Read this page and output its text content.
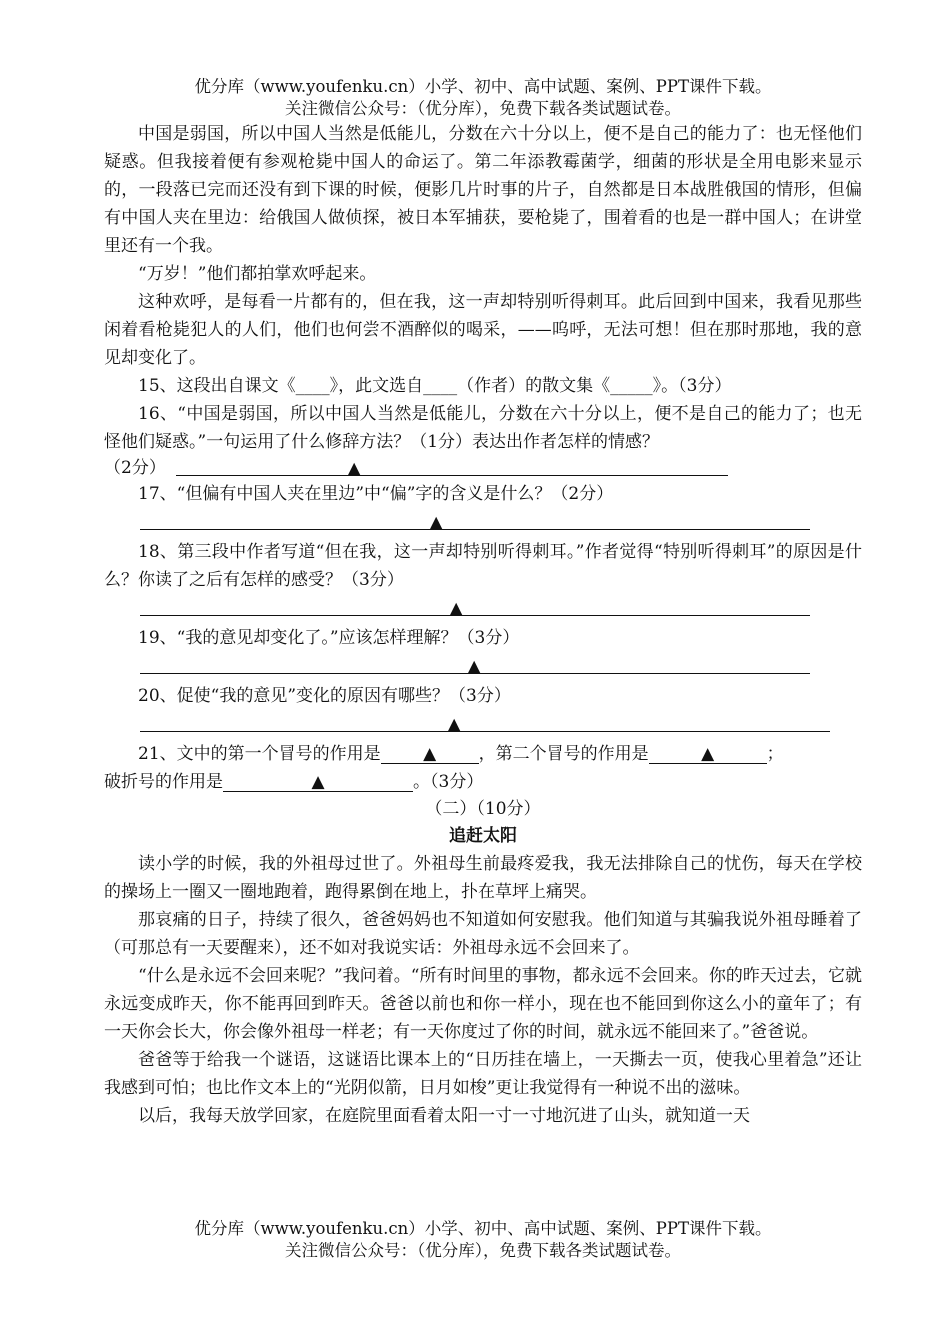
优分库（www.youfenku.cn）小学、初中、高中试题、案例、PPT课件下载。
关注微信公众号：（优分库），免费下载各类试题试卷。

中国是弱国，所以中国人当然是低能儿，分数在六十分以上，便不是自己的能力了：也无怪他们疑惑。但我接着便有参观枪毙中国人的命运了。第二年添教霉菌学，细菌的形状是全用电影来显示的，一段落已完而还没有到下课的时候，便影几片时事的片子，自然都是日本战胜俄国的情形，但偏有中国人夹在里边：给俄国人做侦探，被日本军捕获，要枪毙了，围着看的也是一群中国人；在讲堂里还有一个我。

“万岁！”他们都拍掌欢呼起来。

这种欢呼，是每看一片都有的，但在我，这一声却特别听得刺耳。此后回到中国来，我看见那些闲着看枪毙犯人的人们，他们也何尝不酒醉似的喝采，——呜呼，无法可想！但在那时那地，我的意见却变化了。

15、这段出自课文《____》，此文选自____（作者）的散文集《_____》。（3分）

16、“中国是弱国，所以中国人当然是低能儿，分数在六十分以上，便不是自己的能力了；也无怪他们疑惑。”一句运用了什么修辞方法？（1分）表达出作者怎样的情感？

（2分）	▲

17、“但偏有中国人夹在里边”中“偏”字的含义是什么？（2分）

▲

18、第三段中作者写道“但在我，这一声却特别听得刺耳。”作者觉得“特别听得刺耳”的原因是什么？你读了之后有怎样的感受？（3分）

▲

19、“我的意见却变化了。”应该怎样理解？（3分）

▲

20、促使“我的意见”变化的原因有哪些？（3分）

▲

21、文中的第一个冒号的作用是 ▲ ，第二个冒号的作用是	▲	；

破折号的作用是	▲	。（3分）

（二）（10分）
追赶太阳

读小学的时候，我的外祖母过世了。外祖母生前最疼爱我，我无法排除自己的忧伤，每天在学校的操场上一圈又一圈地跑着，跑得累倒在地上，扑在草坪上痛哭。

那哀痛的日子，持续了很久，爸爸妈妈也不知道如何安慰我。他们知道与其骗我说外祖母睡着了（可那总有一天要醒来），还不如对我说实话：外祖母永远不会回来了。

“什么是永远不会回来呢？”我问着。“所有时间里的事物，都永远不会回来。你的昨天过去，它就永远变成昨天，你不能再回到昨天。爸爸以前也和你一样小，现在也不能回到你这么小的童年了；有一天你会长大，你会像外祖母一样老；有一天你度过了你的时间，就永远不能回来了。”爸爸说。

爸爸等于给我一个谜语，这谜语比课本上的“日历挂在墙上，一天撕去一页，使我心里着急”还让我感到可怕；也比作文本上的“光阴似箭，日月如梭”更让我觉得有一种说不出的滋味。

以后，我每天放学回家，在庭院里面看着太阳一寸一寸地沉进了山头，就知道一天

优分库（www.youfenku.cn）小学、初中、高中试题、案例、PPT课件下载。
关注微信公众号：（优分库），免费下载各类试题试卷。
